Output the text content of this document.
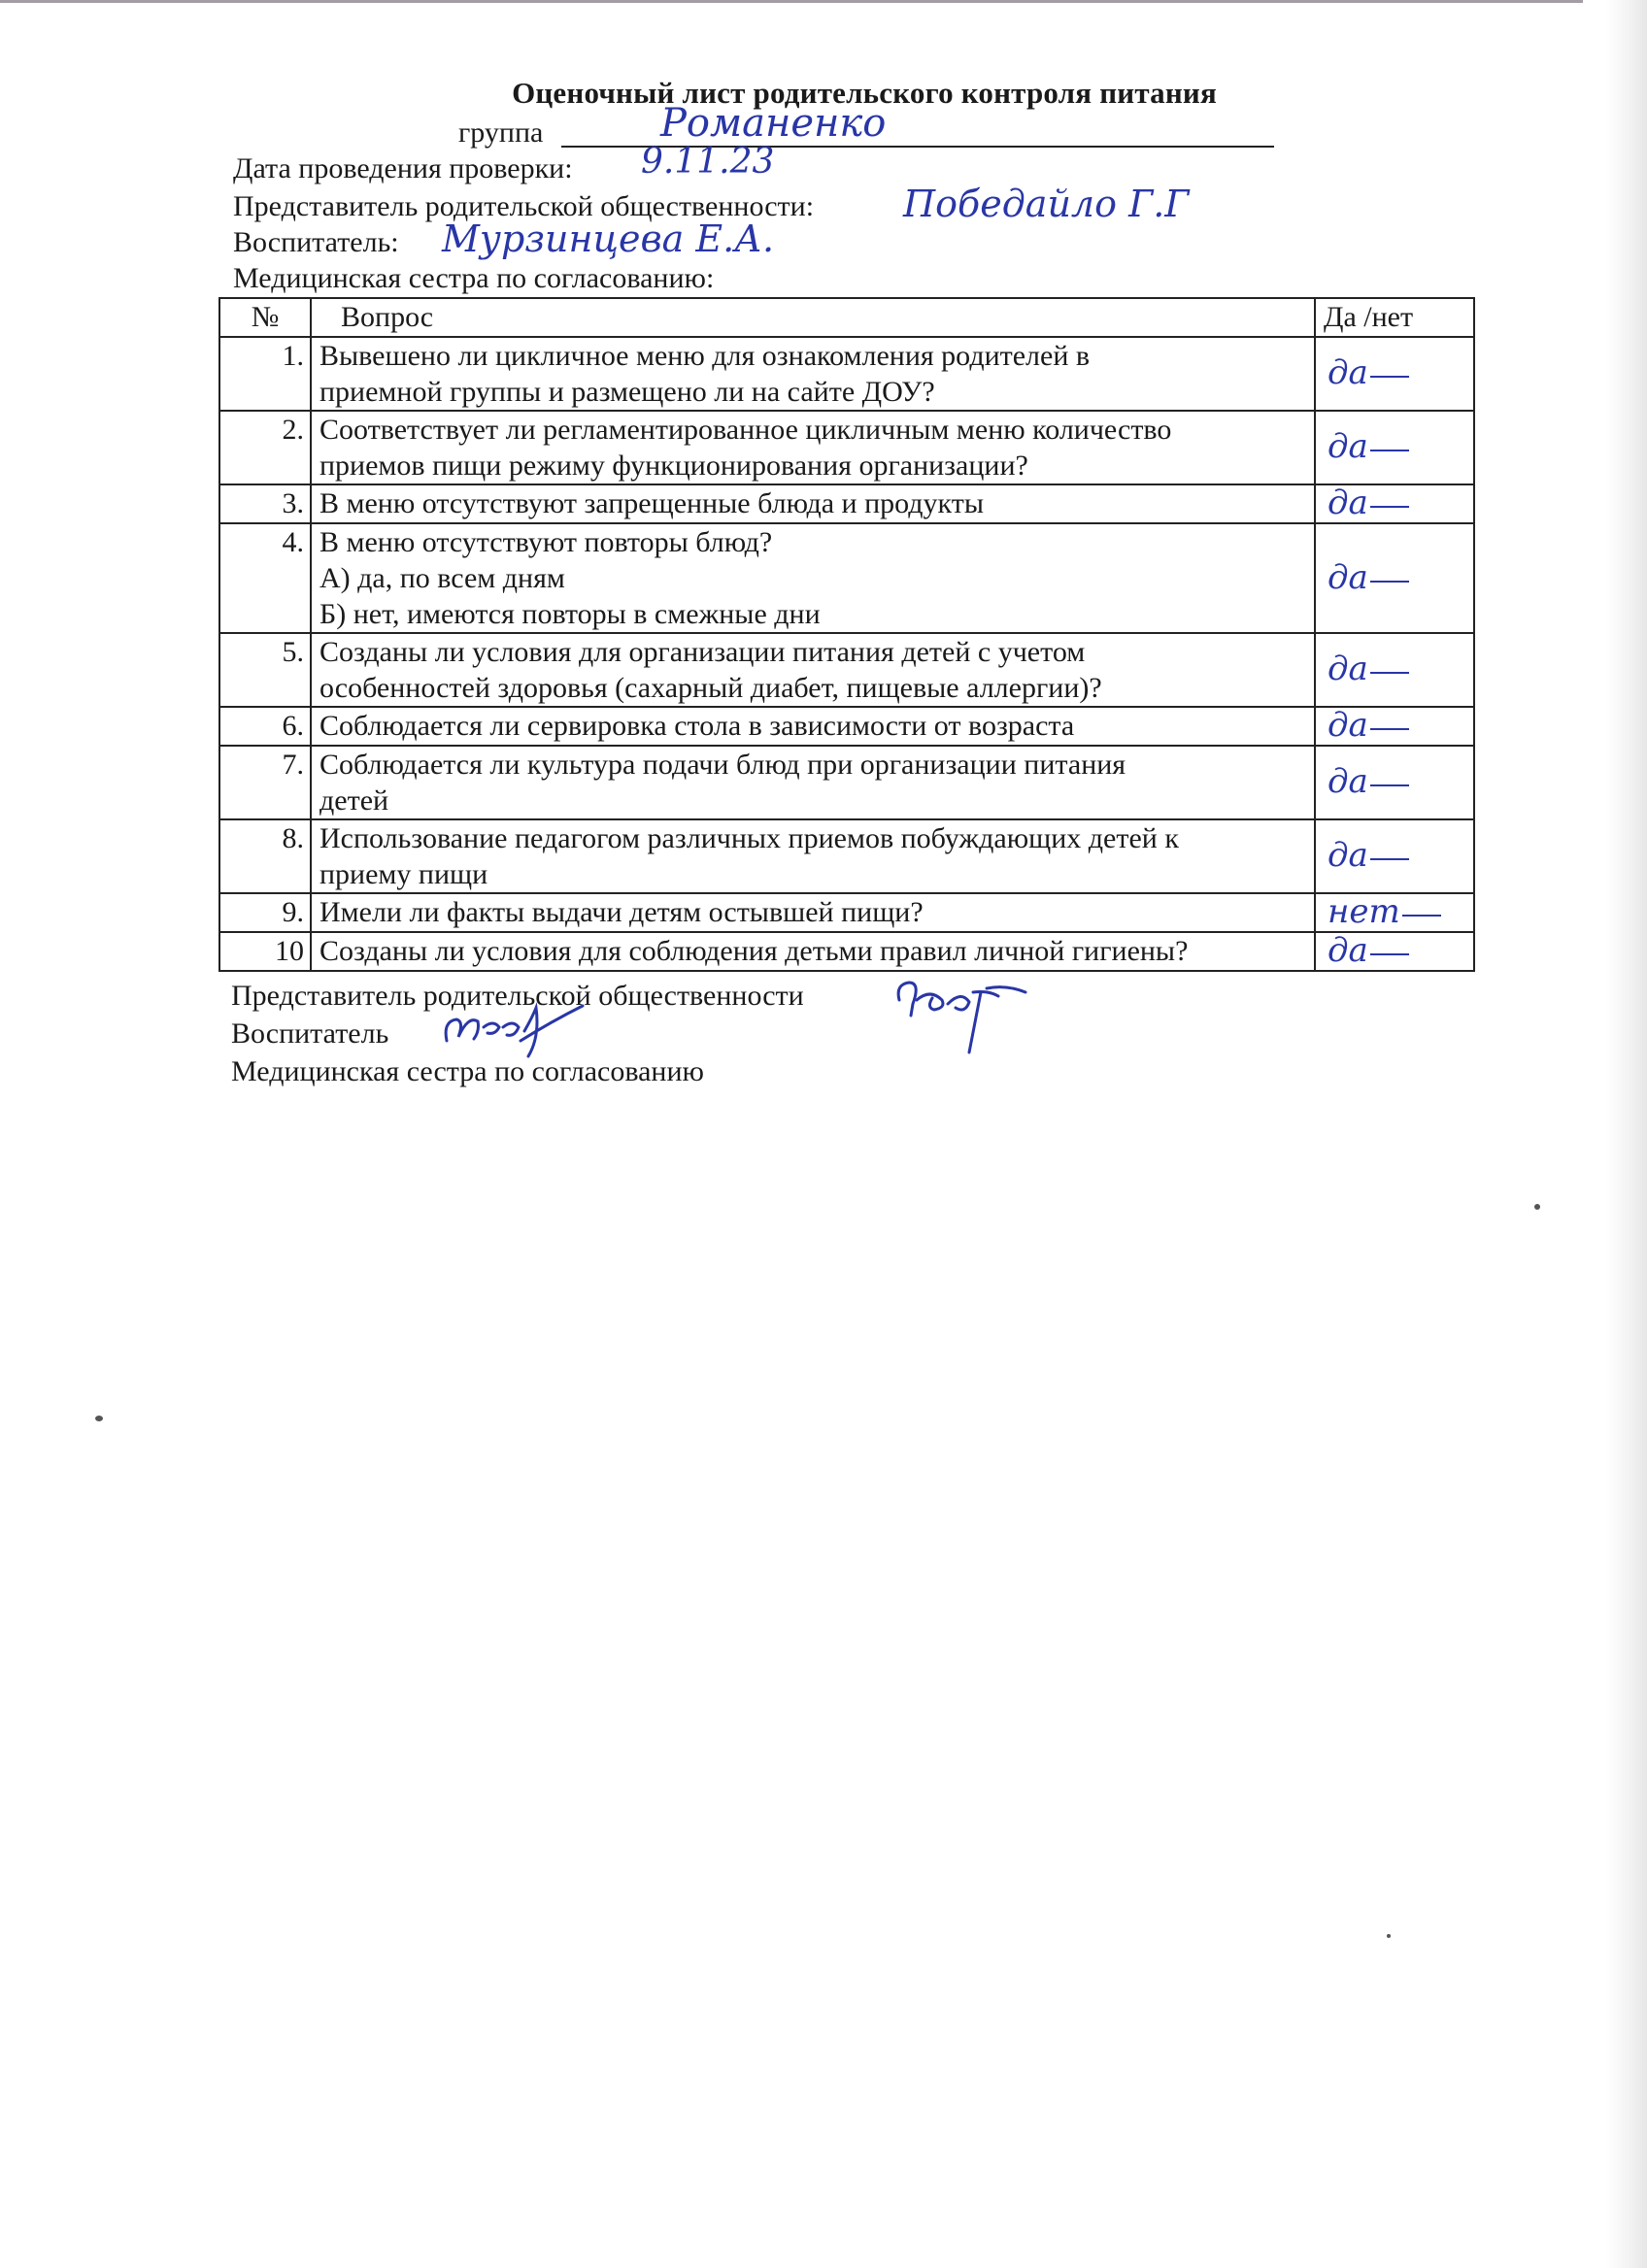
Оценочный лист родительского контроля питания
группа	Романенко
Дата проведения проверки: 9.11.23
Представитель родительской общественности: Победайло Г.Г
Воспитатель: Мурзинцева Е.А.
Медицинская сестра по согласованию:
№	Вопрос	Да /нет
1.	Вывешено ли цикличное меню для ознакомления родителей в
приемной группы и размещено ли на сайте ДОУ?	да
2.	Соответствует ли регламентированное цикличным меню количество
приемов пищи режиму функционирования организации?	да
3.	В меню отсутствуют запрещенные блюда и продукты	да
4.	В меню отсутствуют повторы блюд?
А) да, по всем дням
Б) нет, имеются повторы в смежные дни	да
5.	Созданы ли условия для организации питания детей с учетом
особенностей здоровья (сахарный диабет, пищевые аллергии)?	да
6.	Соблюдается ли сервировка стола в зависимости от возраста	да
7.	Соблюдается ли культура подачи блюд при организации питания
детей	да
8.	Использование педагогом различных приемов побуждающих детей к
приему пищи	да
9.	Имели ли факты выдачи детям остывшей пищи?	нет
10	Созданы ли условия для соблюдения детьми правил личной гигиены?	да
Представитель родительской общественности
Воспитатель
Медицинская сестра по согласованию
